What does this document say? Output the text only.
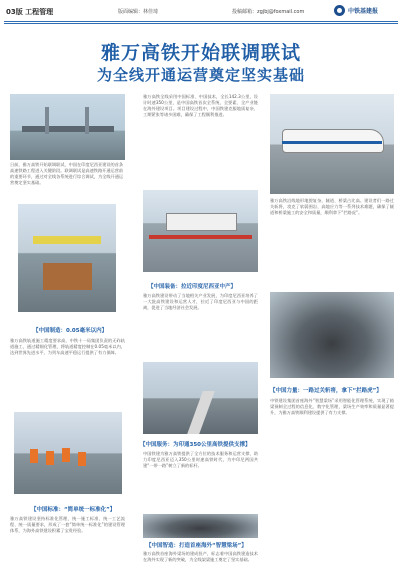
03版 工程管理	版面编辑：林佳琦	投稿邮箱：zgjbj@foxmail.com	中铁基建报
雅万高铁开始联调联试
为全线开通运营奠定坚实基础
日前，雅万高铁开始联调联试，中国在印度尼西亚建设的首条高速铁路工程进入关键阶段。联调联试是高速铁路开通运营前的重要环节，通过对全线各系统进行综合调试，为全线开通运营奠定坚实基础。
【中国制造：0.05毫米以内】
雅万高铁轨道施工精度要求高，中铁十一局集团负责的无砟轨道施工，通过精细化管理，将轨道精度控制在0.05毫米以内，达到世界先进水平，为列车高速平稳运行提供了有力保障。
【中国标准：“简单统一标准化”】
雅万高铁建设坚持标准化管理，统一施工标准、统一工艺流程、统一质量要求，形成了一套“简单统一标准化”的建设管理体系，为海外高铁建设积累了宝贵经验。
雅万高铁全线采用中国标准、中国技术，全长142.3公里，设计时速350公里，是中国高铁首次全系统、全要素、全产业链在海外建设项目。项目建设过程中，中国铁建克服地质复杂、工期紧张等诸多困难，确保了工程顺利推进。
【中国装备：拉近印度尼西亚中产】
雅万高铁建设带动了当地相关产业发展，为印度尼西亚培养了一大批高铁建设和运营人才，拉近了印度尼西亚与中国的距离，促进了当地经济社会发展。
【中国服务：为印通350公里高铁提供支撑】
中国铁建为雅万高铁提供了全方位的技术服务和运营支撑，助力印度尼西亚迈入350公里时速高铁时代，为中印尼两国共建“一带一路”树立了新的标杆。
【中国智造：打造首座海外“智慧梁场”】
雅万高铁首座海外梁场的建成投产，标志着中国高铁建造技术在海外实现了新的突破，为全线架梁施工奠定了坚实基础。
雅万高铁沿线地形地貌复杂，隧道、桥梁占比高。建设者们一路过关斩将，攻克了软弱围岩、高地应力等一系列技术难题，确保了隧道和桥梁施工的安全和质量，顺利拿下“拦路虎”。
【中国力量：一路过关斩将，拿下“拦路虎”】
中铁建设集团首座海外“智慧梁场”采用智能化管理系统，实现了箱梁预制全过程的信息化、数字化管理，梁场生产效率和质量显著提升，为雅万高铁顺利建设提供了有力支撑。
